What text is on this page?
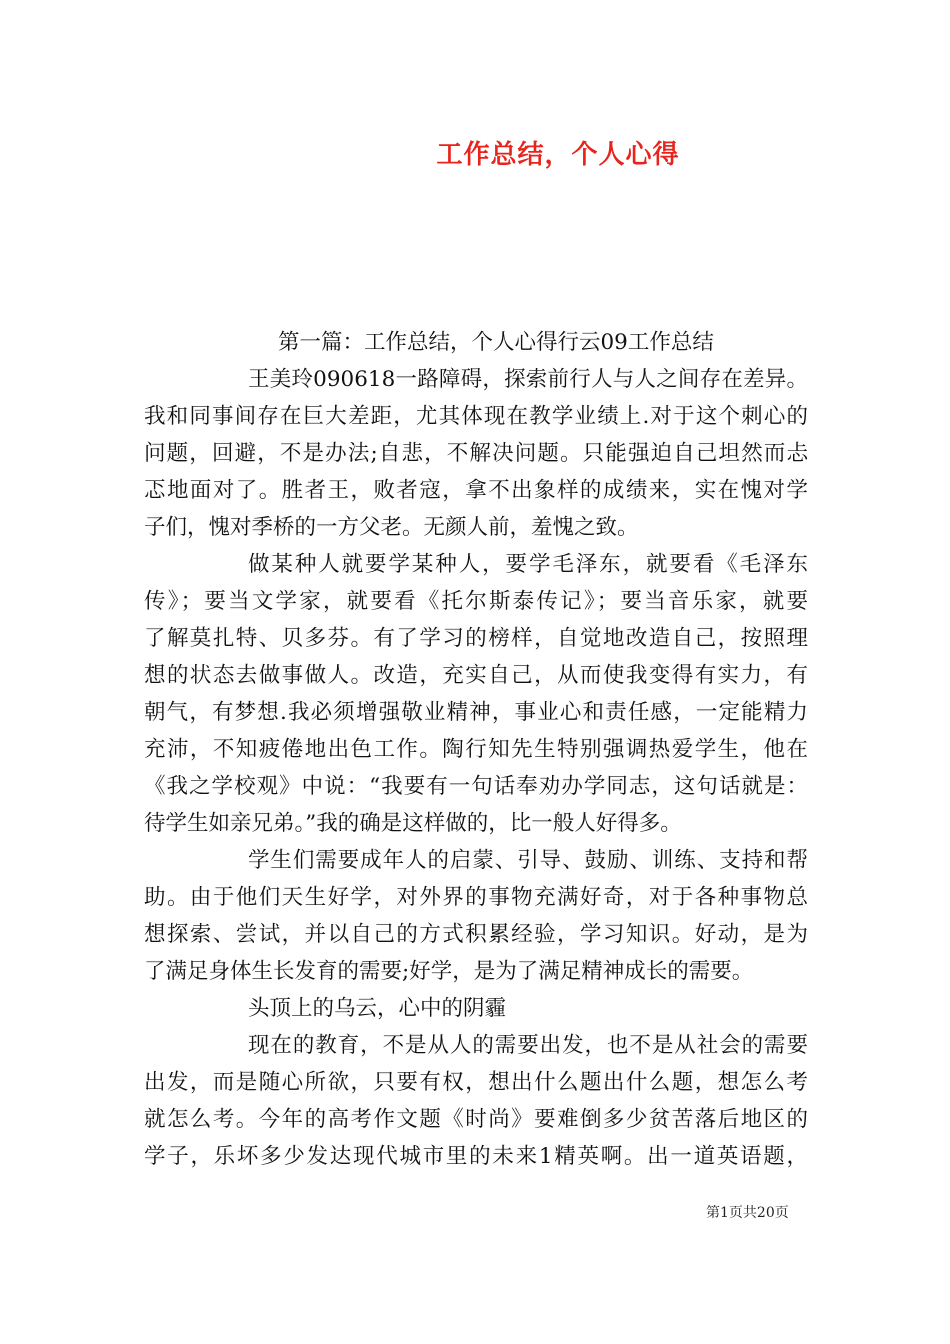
工作总结，个人心得
第一篇：工作总结，个人心得行云09工作总结
王美玲090618一路障碍，探索前行人与人之间存在差异。
我和同事间存在巨大差距，尤其体现在教学业绩上.对于这个刺心的
问题，回避，不是办法;自悲，不解决问题。只能强迫自己坦然而忐
忑地面对了。胜者王，败者寇，拿不出象样的成绩来，实在愧对学
子们，愧对季桥的一方父老。无颜人前，羞愧之致。
做某种人就要学某种人，要学毛泽东，就要看《毛泽东
传》；要当文学家，就要看《托尔斯泰传记》；要当音乐家，就要
了解莫扎特、贝多芬。有了学习的榜样，自觉地改造自己，按照理
想的状态去做事做人。改造，充实自己，从而使我变得有实力，有
朝气，有梦想.我必须增强敬业精神，事业心和责任感，一定能精力
充沛，不知疲倦地出色工作。陶行知先生特别强调热爱学生，他在
《我之学校观》中说：“我要有一句话奉劝办学同志，这句话就是：
待学生如亲兄弟。”我的确是这样做的，比一般人好得多。
学生们需要成年人的启蒙、引导、鼓励、训练、支持和帮
助。由于他们天生好学，对外界的事物充满好奇，对于各种事物总
想探索、尝试，并以自己的方式积累经验，学习知识。好动，是为
了满足身体生长发育的需要;好学，是为了满足精神成长的需要。
头顶上的乌云，心中的阴霾
现在的教育，不是从人的需要出发，也不是从社会的需要
出发，而是随心所欲，只要有权，想出什么题出什么题，想怎么考
就怎么考。今年的高考作文题《时尚》要难倒多少贫苦落后地区的
学子，乐坏多少发达现代城市里的未来1精英啊。出一道英语题，
第1页共20页
